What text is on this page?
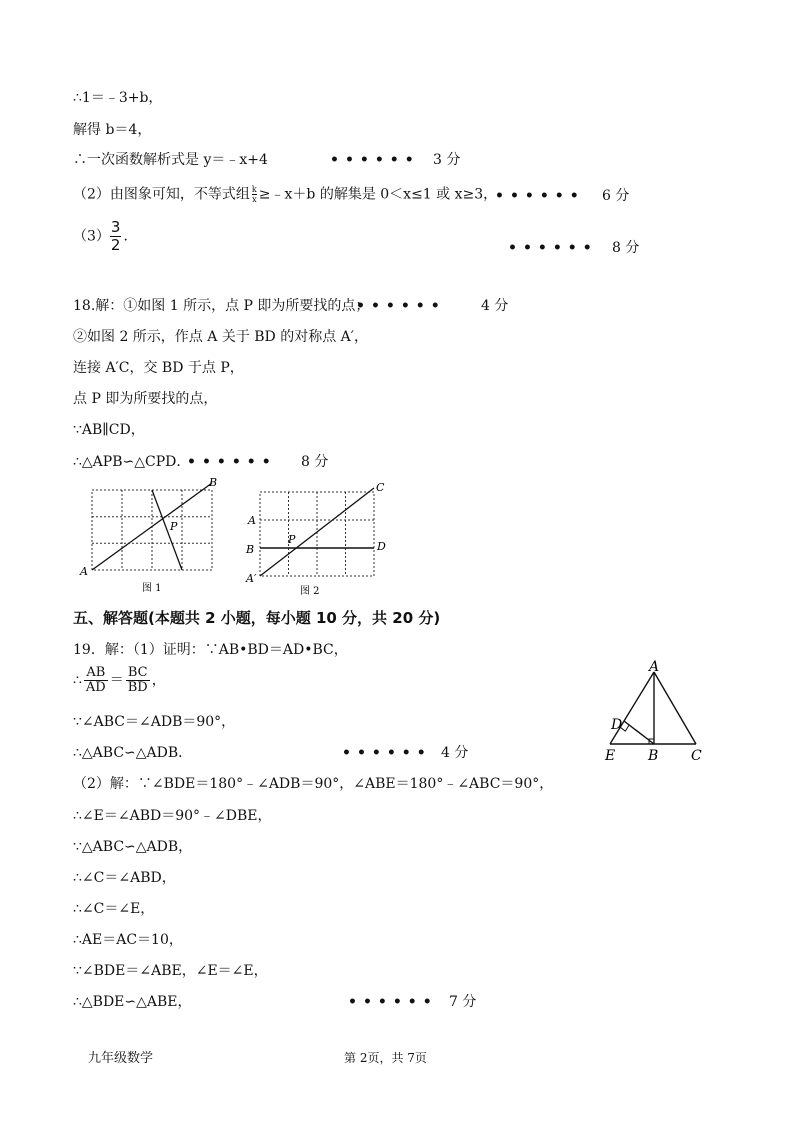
∴1＝﹣3+b，
解得 b＝4，
∴一次函数解析式是 y＝﹣x+4	•••••• 3 分
（2）由图象可知，不等式组 $\frac{k}{x}$ ≥﹣x＋b 的解集是 0＜x≤1 或 x≥3，
•••••• 6 分
$(3) \frac{3}{2}$ ．
•••••• 8 分
18.解：①如图 1 所示，点 P 即为所要找的点；
••••••	4 分
②如图 2 所示，作点 A 关于 BD 的对称点 A′，
连接 A′C，交 BD 于点 P，
点 P 即为所要找的点，
∵AB∥CD，
∴△APB∽△CPD．
•••••• 8 分
A
B
P
图 1
A
B
C
D
P
A′
图 2
五、解答题(本题共 2 小题，每小题 10 分，共 20 分)
19．解：（1）证明：∵AB•BD＝AD•BC，
∴ $\frac{AB}{AD} = \frac{BC}{BD}$ ，
∵∠ABC＝∠ADB＝90°，
∴△ABC∽△ADB．	•••••• 4 分
（2）解：∵∠BDE＝180°﹣∠ADB＝90°，∠ABE＝180°﹣∠ABC＝90°，
∴∠E＝∠ABD＝90°﹣∠DBE，
∵△ABC∽△ADB，
∴∠C＝∠ABD，
∴∠C＝∠E，
∴AE＝AC＝10，
∵∠BDE＝∠ABE，∠E＝∠E，
∴△BDE∽△ABE，	•••••• 7 分
A
D
E B C
九年级数学	第 2页，共 7页
